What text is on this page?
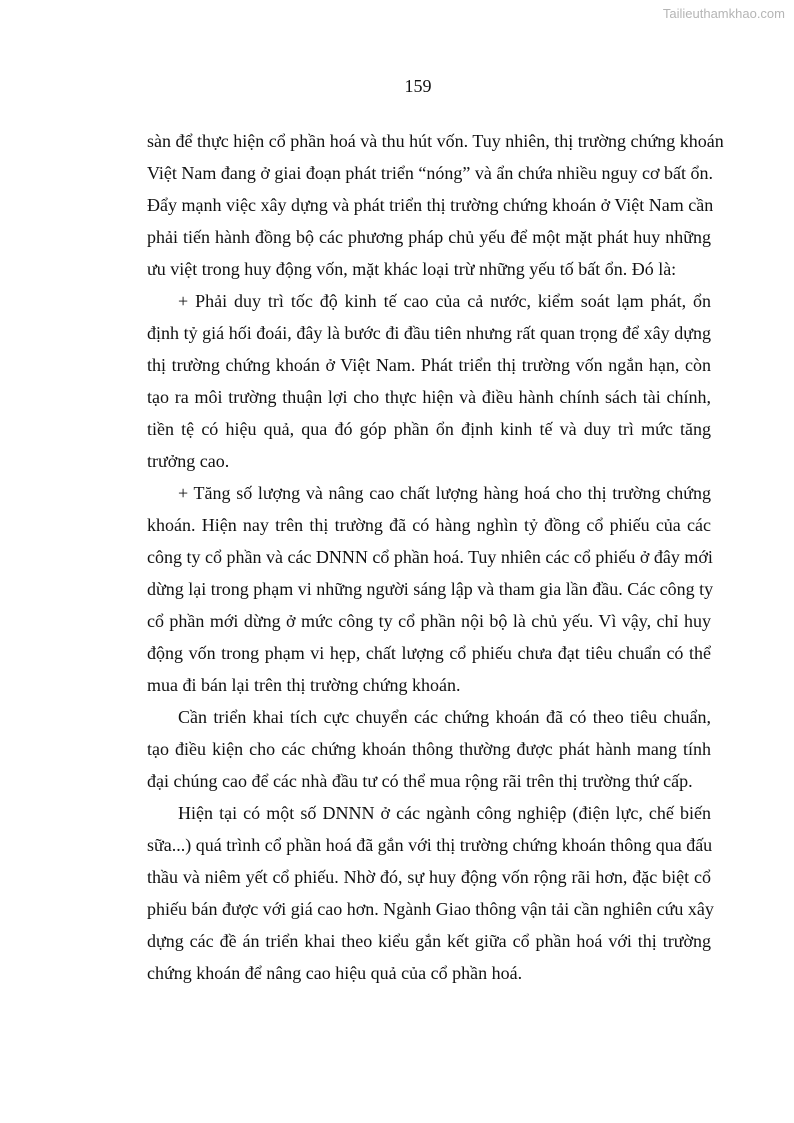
Tailieuthamkhao.com
159
sàn để thực hiện cổ phần hoá và thu hút vốn. Tuy nhiên, thị trường chứng khoán
Việt Nam đang ở giai đoạn phát triển “nóng” và ẩn chứa nhiều nguy cơ bất ổn.
Đẩy mạnh việc xây dựng và phát triển thị trường chứng khoán ở Việt Nam cần
phải tiến hành đồng bộ các phương pháp chủ yếu để một mặt phát huy những
ưu việt trong huy động vốn, mặt khác loại trừ những yếu tố bất ổn. Đó là:
+ Phải duy trì tốc độ kinh tế cao của cả nước, kiểm soát lạm phát, ổn
định tỷ giá hối đoái, đây là bước đi đầu tiên nhưng rất quan trọng để xây dựng
thị trường chứng khoán ở Việt Nam. Phát triển thị trường vốn ngắn hạn, còn
tạo ra môi trường thuận lợi cho thực hiện và điều hành chính sách tài chính,
tiền tệ có hiệu quả, qua đó góp phần ổn định kinh tế và duy trì mức tăng
trưởng cao.
+ Tăng số lượng và nâng cao chất lượng hàng hoá cho thị trường chứng
khoán. Hiện nay trên thị trường đã có hàng nghìn tỷ đồng cổ phiếu của các
công ty cổ phần và các DNNN cổ phần hoá. Tuy nhiên các cổ phiếu ở đây mới
dừng lại trong phạm vi những người sáng lập và tham gia lần đầu. Các công ty
cổ phần mới dừng ở mức công ty cổ phần nội bộ là chủ yếu. Vì vậy, chỉ huy
động vốn trong phạm vi hẹp, chất lượng cổ phiếu chưa đạt tiêu chuẩn có thể
mua đi bán lại trên thị trường chứng khoán.
Cần triển khai tích cực chuyển các chứng khoán đã có theo tiêu chuẩn,
tạo điều kiện cho các chứng khoán thông thường được phát hành mang tính
đại chúng cao để các nhà đầu tư có thể mua rộng rãi trên thị trường thứ cấp.
Hiện tại có một số DNNN ở các ngành công nghiệp (điện lực, chế biến
sữa...) quá trình cổ phần hoá đã gắn với thị trường chứng khoán thông qua đấu
thầu và niêm yết cổ phiếu. Nhờ đó, sự huy động vốn rộng rãi hơn, đặc biệt cổ
phiếu bán được với giá cao hơn. Ngành Giao thông vận tải cần nghiên cứu xây
dựng các đề án triển khai theo kiểu gắn kết giữa cổ phần hoá với thị trường
chứng khoán để nâng cao hiệu quả của cổ phần hoá.
